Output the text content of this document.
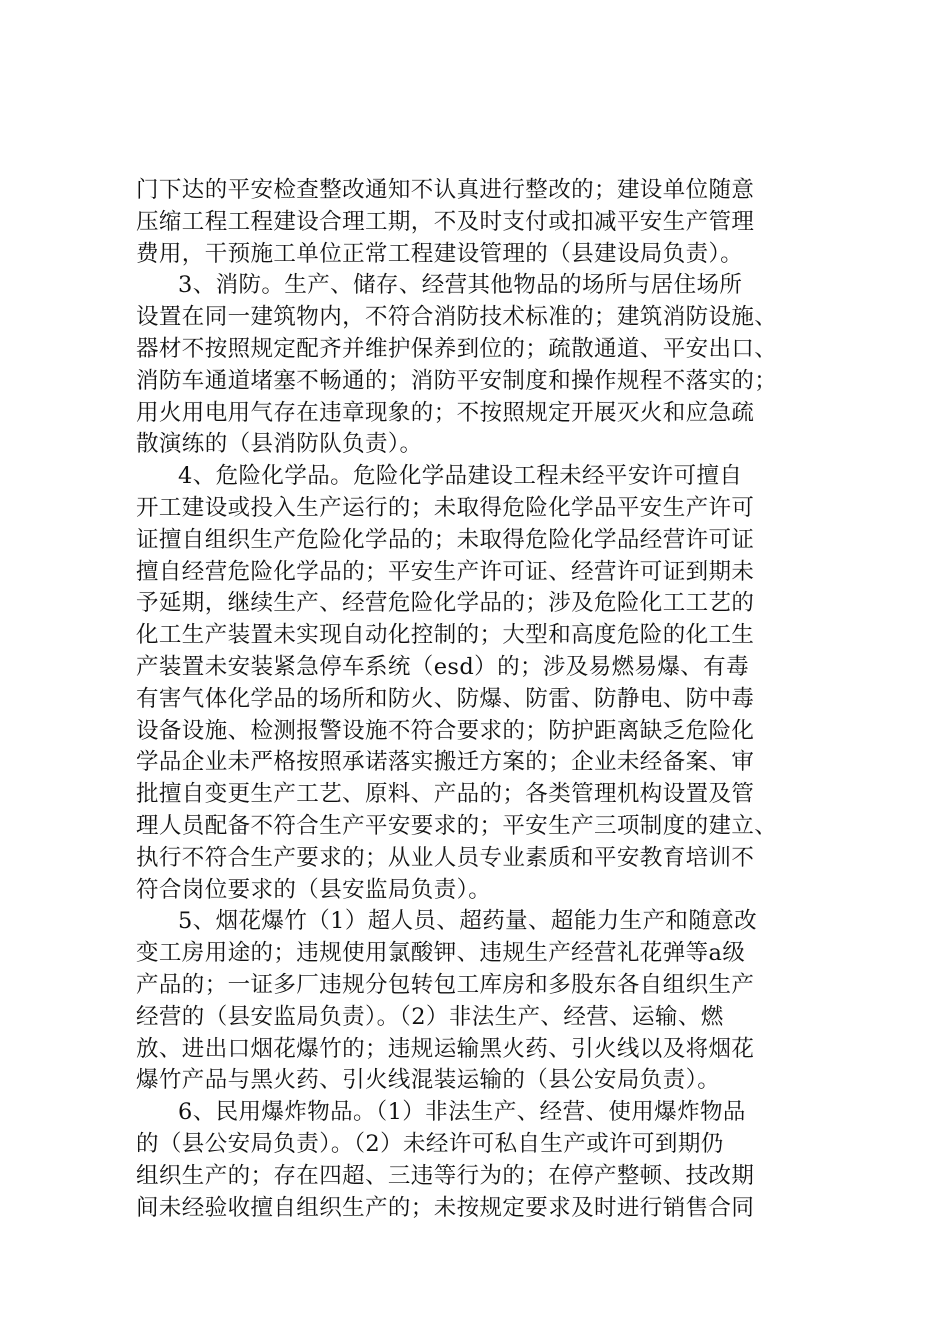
门下达的平安检查整改通知不认真进行整改的；建设单位随意
压缩工程工程建设合理工期，不及时支付或扣减平安生产管理
费用，干预施工单位正常工程建设管理的（县建设局负责）。
3、消防。生产、储存、经营其他物品的场所与居住场所
设置在同一建筑物内，不符合消防技术标准的；建筑消防设施、
器材不按照规定配齐并维护保养到位的；疏散通道、平安出口、
消防车通道堵塞不畅通的；消防平安制度和操作规程不落实的；
用火用电用气存在违章现象的；不按照规定开展灭火和应急疏
散演练的（县消防队负责）。
4、危险化学品。危险化学品建设工程未经平安许可擅自
开工建设或投入生产运行的；未取得危险化学品平安生产许可
证擅自组织生产危险化学品的；未取得危险化学品经营许可证
擅自经营危险化学品的；平安生产许可证、经营许可证到期未
予延期，继续生产、经营危险化学品的；涉及危险化工工艺的
化工生产装置未实现自动化控制的；大型和高度危险的化工生
产装置未安装紧急停车系统（esd）的；涉及易燃易爆、有毒
有害气体化学品的场所和防火、防爆、防雷、防静电、防中毒
设备设施、检测报警设施不符合要求的；防护距离缺乏危险化
学品企业未严格按照承诺落实搬迁方案的；企业未经备案、审
批擅自变更生产工艺、原料、产品的；各类管理机构设置及管
理人员配备不符合生产平安要求的；平安生产三项制度的建立、
执行不符合生产要求的；从业人员专业素质和平安教育培训不
符合岗位要求的（县安监局负责）。
5、烟花爆竹（1）超人员、超药量、超能力生产和随意改
变工房用途的；违规使用氯酸钾、违规生产经营礼花弹等a级
产品的；一证多厂违规分包转包工库房和多股东各自组织生产
经营的（县安监局负责）。（2）非法生产、经营、运输、燃
放、进出口烟花爆竹的；违规运输黑火药、引火线以及将烟花
爆竹产品与黑火药、引火线混装运输的（县公安局负责）。
6、民用爆炸物品。（1）非法生产、经营、使用爆炸物品
的（县公安局负责）。（2）未经许可私自生产或许可到期仍
组织生产的；存在四超、三违等行为的；在停产整顿、技改期
间未经验收擅自组织生产的；未按规定要求及时进行销售合同
